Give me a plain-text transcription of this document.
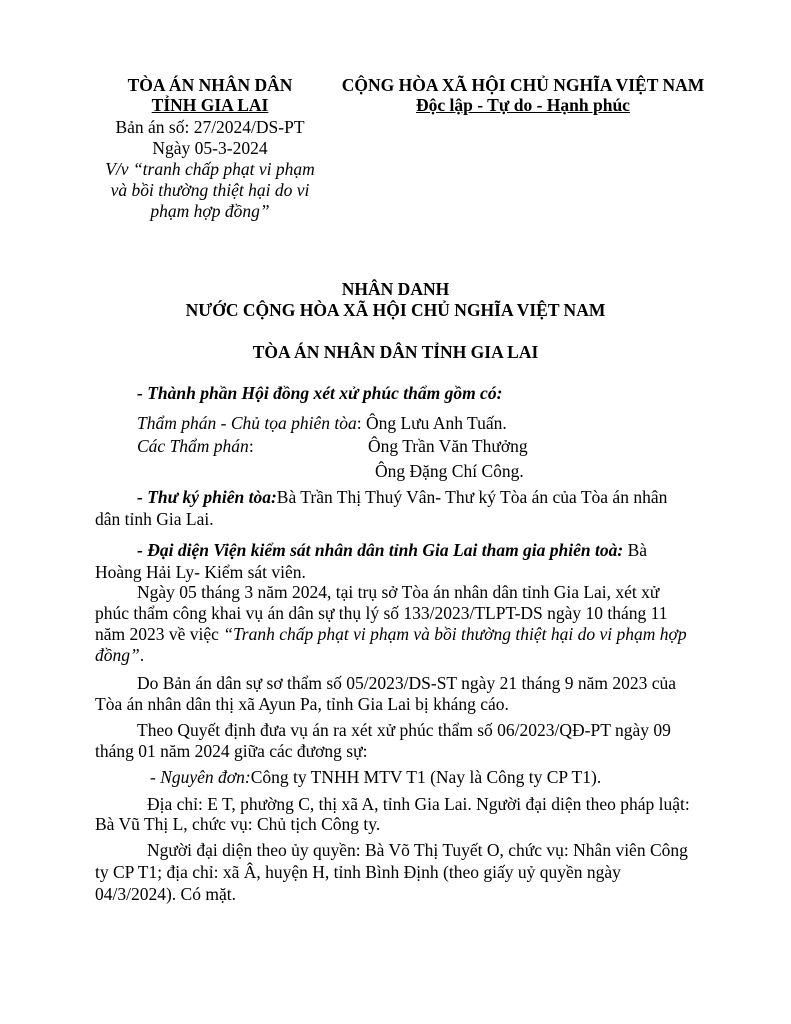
TÒA ÁN NHÂN DÂN
TỈNH GIA LAI
Bản án số: 27/2024/DS-PT
Ngày 05-3-2024
V/v “tranh chấp phạt vi phạm
và bồi thường thiệt hại do vi
phạm hợp đồng”
CỘNG HÒA XÃ HỘI CHỦ NGHĨA VIỆT NAM
Độc lập - Tự do - Hạnh phúc
NHÂN DANH
NƯỚC CỘNG HÒA XÃ HỘI CHỦ NGHĨA VIỆT NAM
TÒA ÁN NHÂN DÂN TỈNH GIA LAI
- Thành phần Hội đồng xét xử phúc thẩm gồm có:
Thẩm phán - Chủ tọa phiên tòa: Ông Lưu Anh Tuấn.
Các Thẩm phán:	Ông Trần Văn Thưởng
Ông Đặng Chí Công.
- Thư ký phiên tòa:Bà Trần Thị Thuý Vân- Thư ký Tòa án của Tòa án nhân
dân tỉnh Gia Lai.
- Đại diện Viện kiểm sát nhân dân tỉnh Gia Lai tham gia phiên toà: Bà
Hoàng Hải Ly- Kiểm sát viên.
Ngày 05 tháng 3 năm 2024, tại trụ sở Tòa án nhân dân tỉnh Gia Lai, xét xử
phúc thẩm công khai vụ án dân sự thụ lý số 133/2023/TLPT-DS ngày 10 tháng 11
năm 2023 về việc “Tranh chấp phạt vi phạm và bồi thường thiệt hại do vi phạm hợp
đồng”.
Do Bản án dân sự sơ thẩm số 05/2023/DS-ST ngày 21 tháng 9 năm 2023 của
Tòa án nhân dân thị xã Ayun Pa, tỉnh Gia Lai bị kháng cáo.
Theo Quyết định đưa vụ án ra xét xử phúc thẩm số 06/2023/QĐ-PT ngày 09
tháng 01 năm 2024 giữa các đương sự:
- Nguyên đơn:Công ty TNHH MTV T1 (Nay là Công ty CP T1).
Địa chỉ: E T, phường C, thị xã A, tỉnh Gia Lai. Người đại diện theo pháp luật:
Bà Vũ Thị L, chức vụ: Chủ tịch Công ty.
Người đại diện theo ủy quyền: Bà Võ Thị Tuyết O, chức vụ: Nhân viên Công
ty CP T1; địa chỉ: xã Â, huyện H, tỉnh Bình Định (theo giấy uỷ quyền ngày
04/3/2024). Có mặt.
